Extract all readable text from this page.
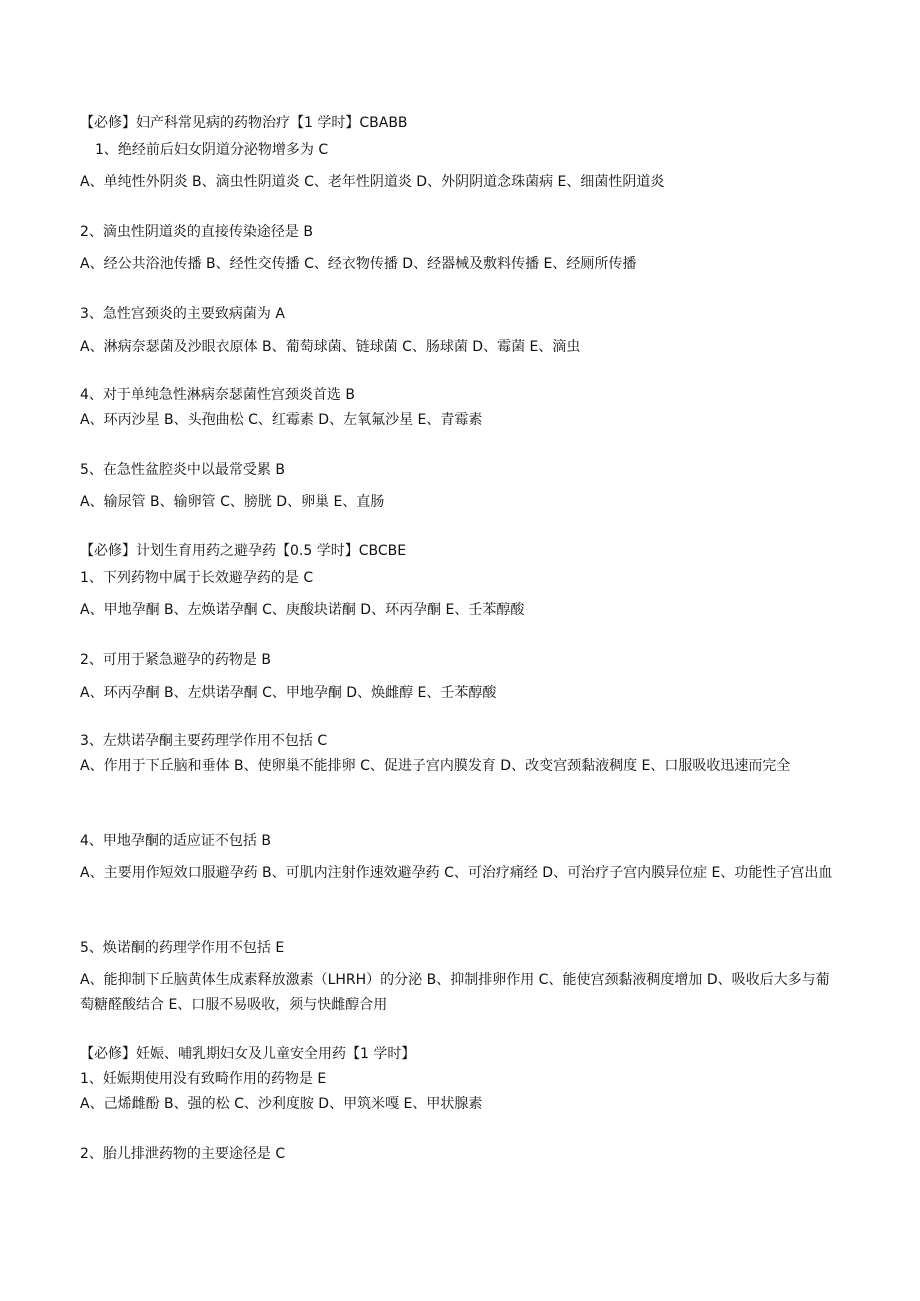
【必修】妇产科常见病的药物治疗【1 学时】CBABB
1、绝经前后妇女阴道分泌物增多为 C
A、单纯性外阴炎 B、滴虫性阴道炎 C、老年性阴道炎 D、外阴阴道念珠菌病 E、细菌性阴道炎
2、滴虫性阴道炎的直接传染途径是 B
A、经公共浴池传播 B、经性交传播 C、经衣物传播 D、经器械及敷料传播 E、经厕所传播
3、急性宫颈炎的主要致病菌为 A
A、淋病奈瑟菌及沙眼衣原体 B、葡萄球菌、链球菌 C、肠球菌 D、霉菌 E、滴虫
4、对于单纯急性淋病奈瑟菌性宫颈炎首选 B
A、环丙沙星 B、头孢曲松 C、红霉素 D、左氧氟沙星 E、青霉素
5、在急性盆腔炎中以最常受累 B
A、输尿管 B、输卵管 C、膀胱 D、卵巢 E、直肠
【必修】计划生育用药之避孕药【0.5 学时】CBCBE
1、下列药物中属于长效避孕药的是 C
A、甲地孕酮 B、左焕诺孕酮 C、庚酸块诺酮 D、环丙孕酮 E、壬苯醇酸
2、可用于紧急避孕的药物是 B
A、环丙孕酮 B、左烘诺孕酮 C、甲地孕酮 D、焕雌醇 E、壬苯醇酸
3、左烘诺孕酮主要药理学作用不包括 C
A、作用于下丘脑和垂体 B、使卵巢不能排卵 C、促进子宫内膜发育 D、改变宫颈黏液稠度 E、口服吸收迅速而完全
4、甲地孕酮的适应证不包括 B
A、主要用作短效口服避孕药 B、可肌内注射作速效避孕药 C、可治疗痛经 D、可治疗子宫内膜异位症 E、功能性子宫出血
5、焕诺酮的药理学作用不包括 E
A、能抑制下丘脑黄体生成素释放激素（LHRH）的分泌 B、抑制排卵作用 C、能使宫颈黏液稠度增加 D、吸收后大多与葡萄糖醛酸结合 E、口服不易吸收，须与快雌醇合用
【必修】妊娠、哺乳期妇女及儿童安全用药【1 学时】
1、妊娠期使用没有致畸作用的药物是 E
A、己烯雌酚 B、强的松 C、沙利度胺 D、甲筑米嘎 E、甲状腺素
2、胎儿排泄药物的主要途径是 C
